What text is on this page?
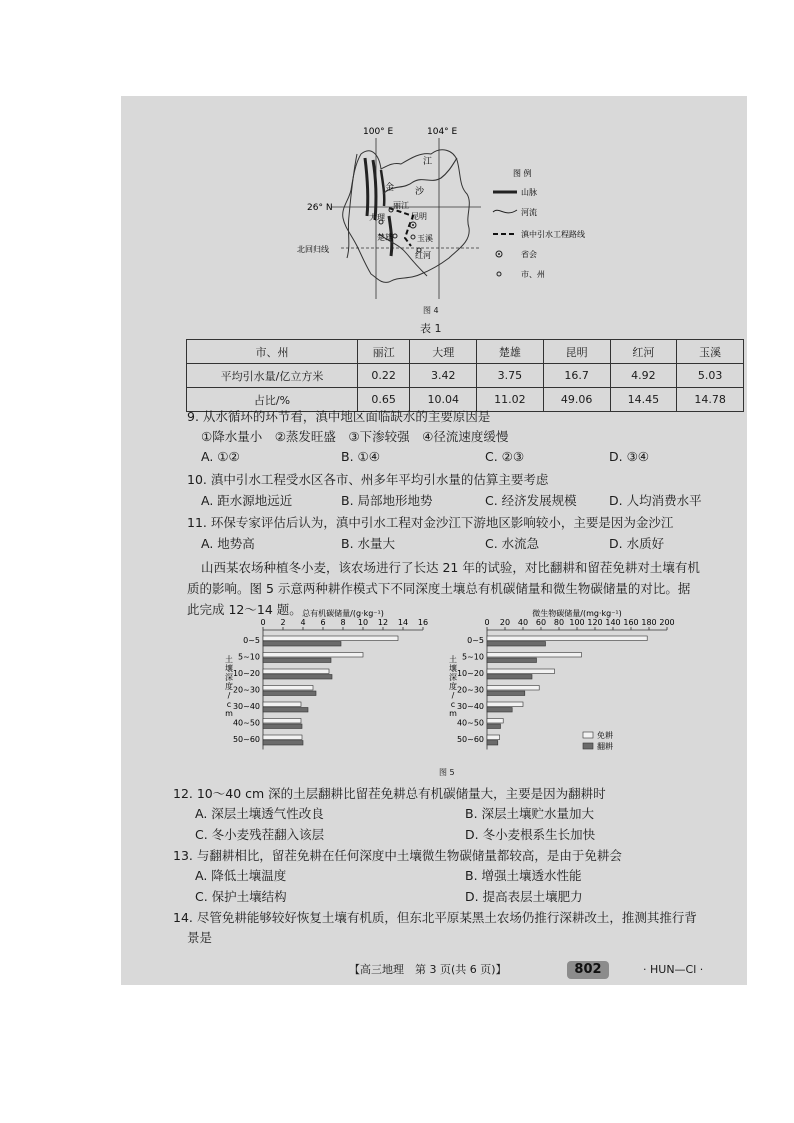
100° E	104° E
26° N
北回归线
江
金 沙
丽江
大理	昆明
楚雄	玉溪
红河
图 例
山脉
河流
滇中引水工程路线
省会
市、州
图 4
表 1
市、州	丽江	大理	楚雄	昆明	红河	玉溪
平均引水量/亿立方米	0.22	3.42	3.75	16.7	4.92	5.03
占比/%	0.65	10.04	11.02	49.06	14.45	14.78
9. 从水循环的环节看，滇中地区面临缺水的主要原因是
①降水量小　②蒸发旺盛　③下渗较强　④径流速度缓慢
A. ①②	B. ①④	C. ②③	D. ③④
10. 滇中引水工程受水区各市、州多年平均引水量的估算主要考虑
A. 距水源地远近	B. 局部地形地势	C. 经济发展规模	D. 人均消费水平
11. 环保专家评估后认为，滇中引水工程对金沙江下游地区影响较小，主要是因为金沙江
A. 地势高	B. 水量大	C. 水流急	D. 水质好
山西某农场种植冬小麦，该农场进行了长达 21 年的试验，对比翻耕和留茬免耕对土壤有机
质的影响。图 5 示意两种耕作模式下不同深度土壤总有机碳储量和微生物碳储量的对比。据
此完成 12～14 题。 总有机碳储量/(g·kg⁻¹)
0 2 4 6 8 10 12 14 16
土
壤
深
度
/
c
m
0~5
5~10
10~20
20~30
30~40
40~50
50~60
微生物碳储量/(mg·kg⁻¹)
0 20 40 60 80 100 120 140 160 180 200
土
壤
深
度
/
c
m
0~5
5~10
10~20
20~30
30~40
40~50
50~60	免耕
翻耕
图 5
12. 10～40 cm 深的土层翻耕比留茬免耕总有机碳储量大，主要是因为翻耕时
A. 深层土壤透气性改良	B. 深层土壤贮水量加大
C. 冬小麦残茬翻入该层	D. 冬小麦根系生长加快
13. 与翻耕相比，留茬免耕在任何深度中土壤微生物碳储量都较高，是由于免耕会
A. 降低土壤温度	B. 增强土壤透水性能
C. 保护土壤结构	D. 提高表层土壤肥力
14. 尽管免耕能够较好恢复土壤有机质，但东北平原某黑土农场仍推行深耕改土，推测其推行背
景是
【高三地理　第 3 页(共 6 页)】	802	· HUN—Cl ·
